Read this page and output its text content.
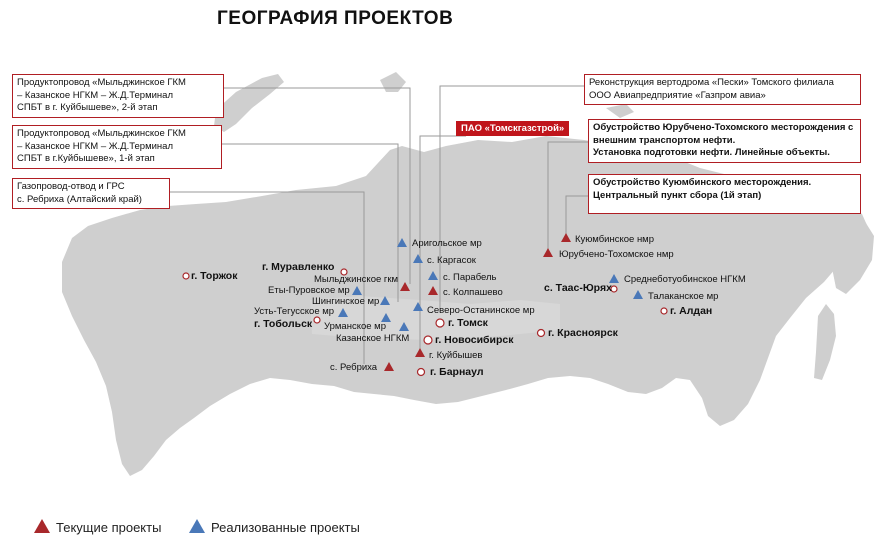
ГЕОГРАФИЯ ПРОЕКТОВ
Продуктопровод «Мыльджинское ГКМ
– Казанское НГКМ – Ж.Д.Терминал
СПБТ в г. Куйбышеве», 2-й этап
Продуктопровод «Мыльджинское ГКМ
– Казанское НГКМ – Ж.Д.Терминал
СПБТ в г.Куйбышеве», 1-й этап
Газопровод-отвод и ГРС
с. Ребриха (Алтайский край)
Реконструкция вертодрома «Пески» Томского филиала
ООО Авиапредприятие «Газпром авиа»
Обустройство Юрубчено-Тохомского месторождения с
внешним транспортом нефти.
Установка подготовки нефти. Линейные объекты.
Обустройство Куюмбинского месторождения.
Центральный пункт сбора (1й этап)
ПАО «Томскгазстрой»
г. Торжок
г. Муравленко
г. Тобольск	г. Томск
г. Новосибирск
г. Барнаул
г. Красноярск
с. Таас-Юрях
г. Алдан
Аригольское мр
с. Каргасок
с. Парабель
с. Колпашево
Мыльджинское гкм
Еты-Пуровское мр
Шингинское мр
Усть-Тегусское мр	Северо-Останинское мр
Урманское мр
Казанское НГКМ
г. Куйбышев
с. Ребриха
Куюмбинское нмр
Юрубчено-Тохомское нмр
Среднеботуобинское НГКМ
Талаканское мр
Текущие проекты	Реализованные проекты
